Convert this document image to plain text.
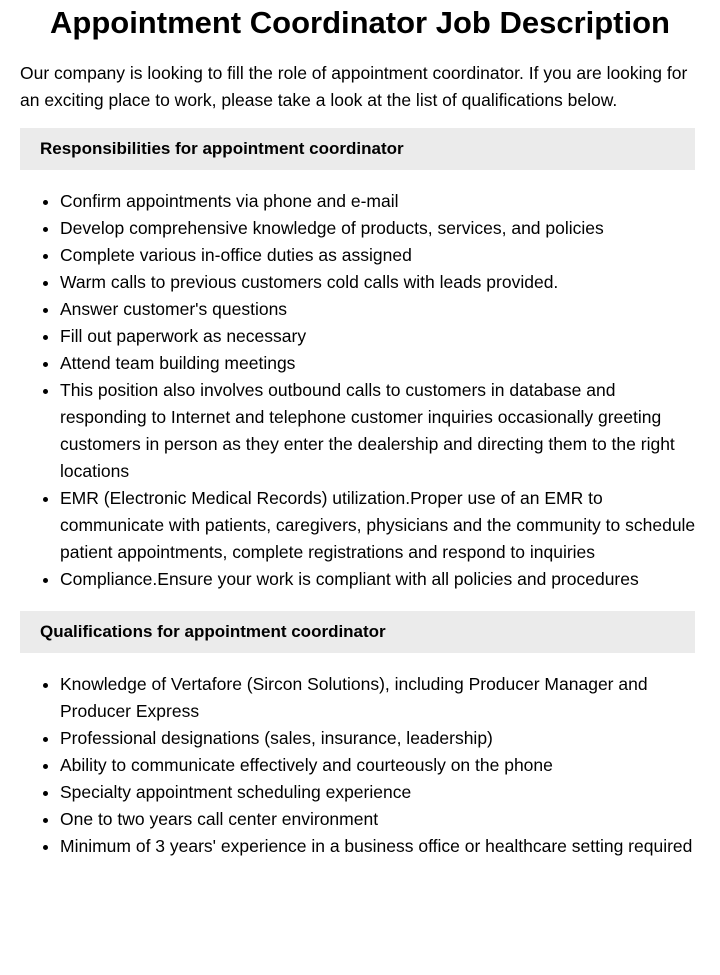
Appointment Coordinator Job Description

Our company is looking to fill the role of appointment coordinator. If you are looking for an exciting place to work, please take a look at the list of qualifications below.

Responsibilities for appointment coordinator
• Confirm appointments via phone and e-mail
• Develop comprehensive knowledge of products, services, and policies
• Complete various in-office duties as assigned
• Warm calls to previous customers cold calls with leads provided.
• Answer customer's questions
• Fill out paperwork as necessary
• Attend team building meetings
• This position also involves outbound calls to customers in database and responding to Internet and telephone customer inquiries occasionally greeting customers in person as they enter the dealership and directing them to the right locations
• EMR (Electronic Medical Records) utilization.Proper use of an EMR to communicate with patients, caregivers, physicians and the community to schedule patient appointments, complete registrations and respond to inquiries
• Compliance.Ensure your work is compliant with all policies and procedures
Qualifications for appointment coordinator
• Knowledge of Vertafore (Sircon Solutions), including Producer Manager and Producer Express
• Professional designations (sales, insurance, leadership)
• Ability to communicate effectively and courteously on the phone
• Specialty appointment scheduling experience
• One to two years call center environment
• Minimum of 3 years' experience in a business office or healthcare setting required
